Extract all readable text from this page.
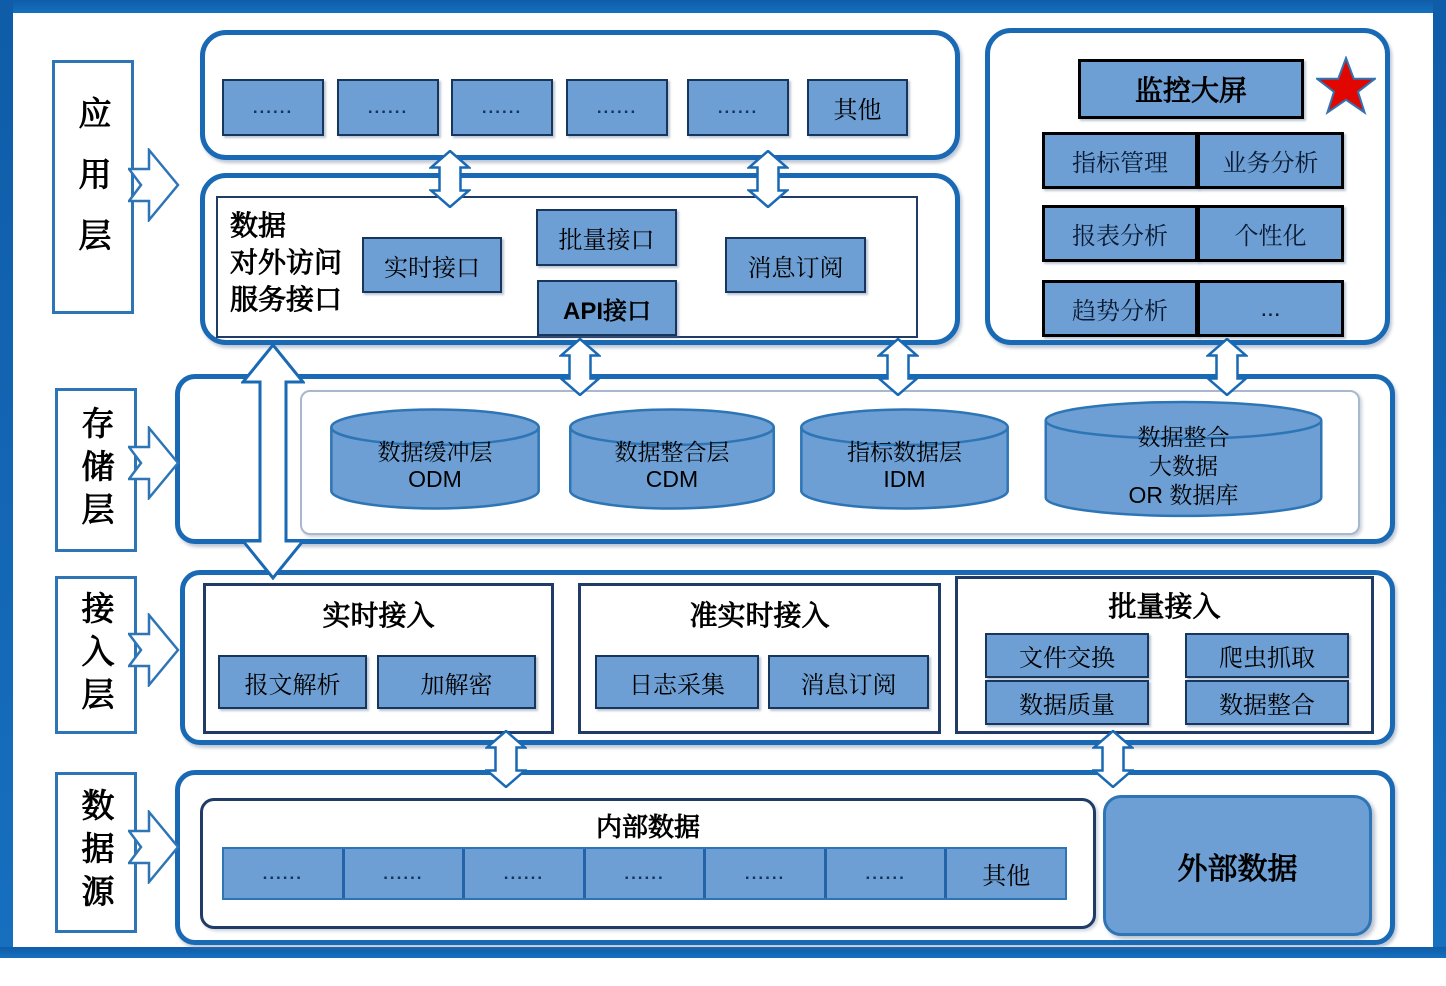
应用层
存储层
接入层
数据源
......	......	......	......	......	其他
数据
对外访问
服务接口
实时接口
批量接口
API接口
消息订阅
监控大屏
指标管理	业务分析
报表分析	个性化
趋势分析	...
数据缓冲层
ODM
数据整合层
CDM
指标数据层
IDM
数据整合
大数据
OR 数据库
实时接入
报文解析	加解密
准实时接入
日志采集	消息订阅
批量接入
文件交换	爬虫抓取
数据质量	数据整合
内部数据
......	......	......	......	......	......	其他	外部数据
